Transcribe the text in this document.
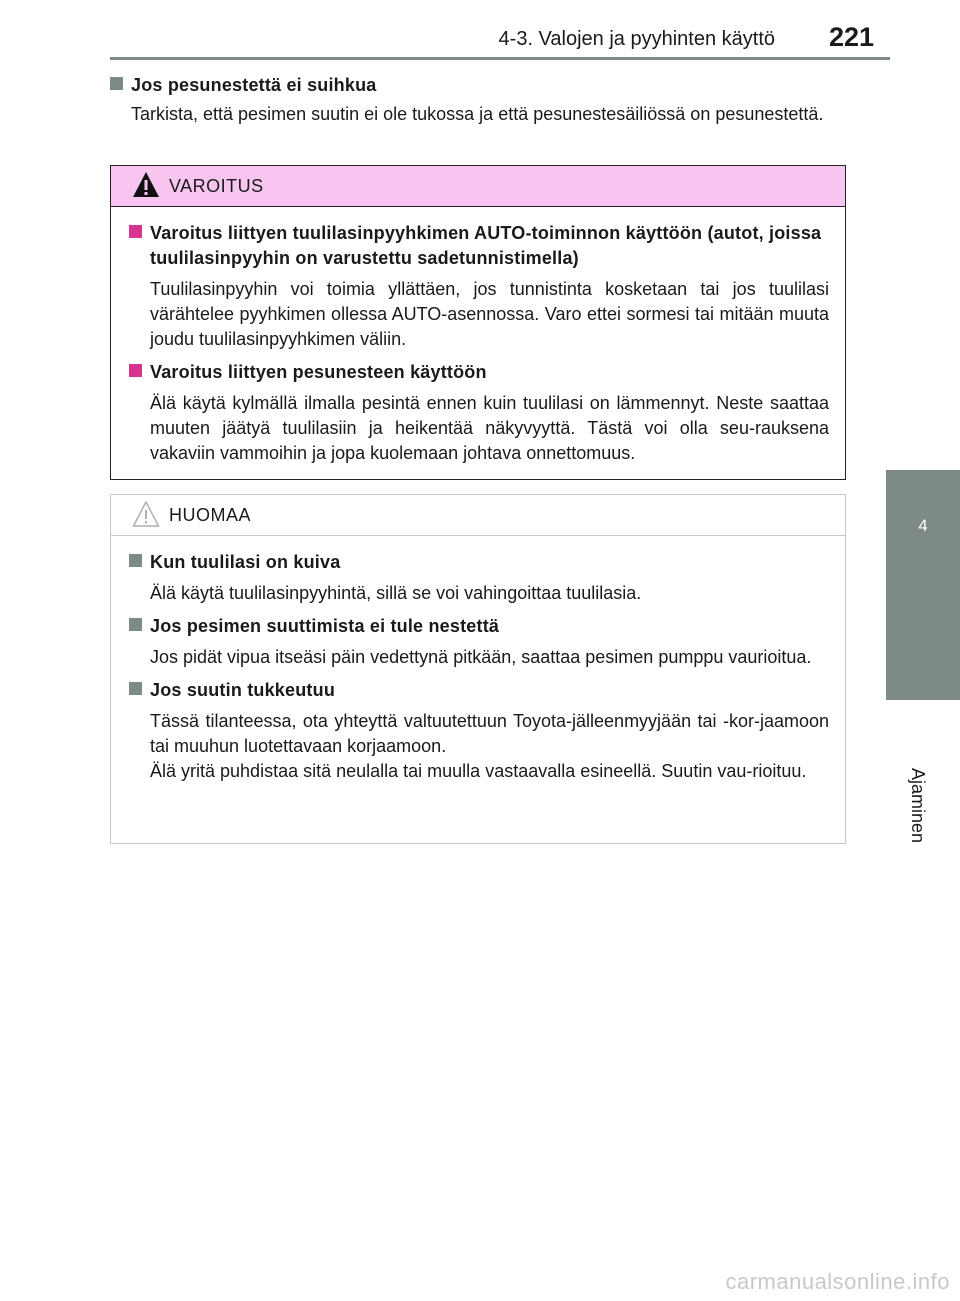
4-3. Valojen ja pyyhinten käyttö 221
4
Ajaminen
Jos pesunestettä ei suihkua
Tarkista, että pesimen suutin ei ole tukossa ja että pesunestesäiliössä on pesunestettä.
VAROITUS
Varoitus liittyen tuulilasinpyyhkimen AUTO-toiminnon käyttöön (autot, joissa tuulilasinpyyhin on varustettu sadetunnistimella)
Tuulilasinpyyhin voi toimia yllättäen, jos tunnistinta kosketaan tai jos tuulilasi värähtelee pyyhkimen ollessa AUTO-asennossa. Varo ettei sormesi tai mitään muuta joudu tuulilasinpyyhkimen väliin.
Varoitus liittyen pesunesteen käyttöön
Älä käytä kylmällä ilmalla pesintä ennen kuin tuulilasi on lämmennyt. Neste saattaa muuten jäätyä tuulilasiin ja heikentää näkyvyyttä. Tästä voi olla seu-rauksena vakaviin vammoihin ja jopa kuolemaan johtava onnettomuus.
HUOMAA
Kun tuulilasi on kuiva
Älä käytä tuulilasinpyyhintä, sillä se voi vahingoittaa tuulilasia.
Jos pesimen suuttimista ei tule nestettä
Jos pidät vipua itseäsi päin vedettynä pitkään, saattaa pesimen pumppu vaurioitua.
Jos suutin tukkeutuu
Tässä tilanteessa, ota yhteyttä valtuutettuun Toyota-jälleenmyyjään tai -kor-jaamoon tai muuhun luotettavaan korjaamoon.
Älä yritä puhdistaa sitä neulalla tai muulla vastaavalla esineellä. Suutin vau-rioituu.
carmanualsonline.info
